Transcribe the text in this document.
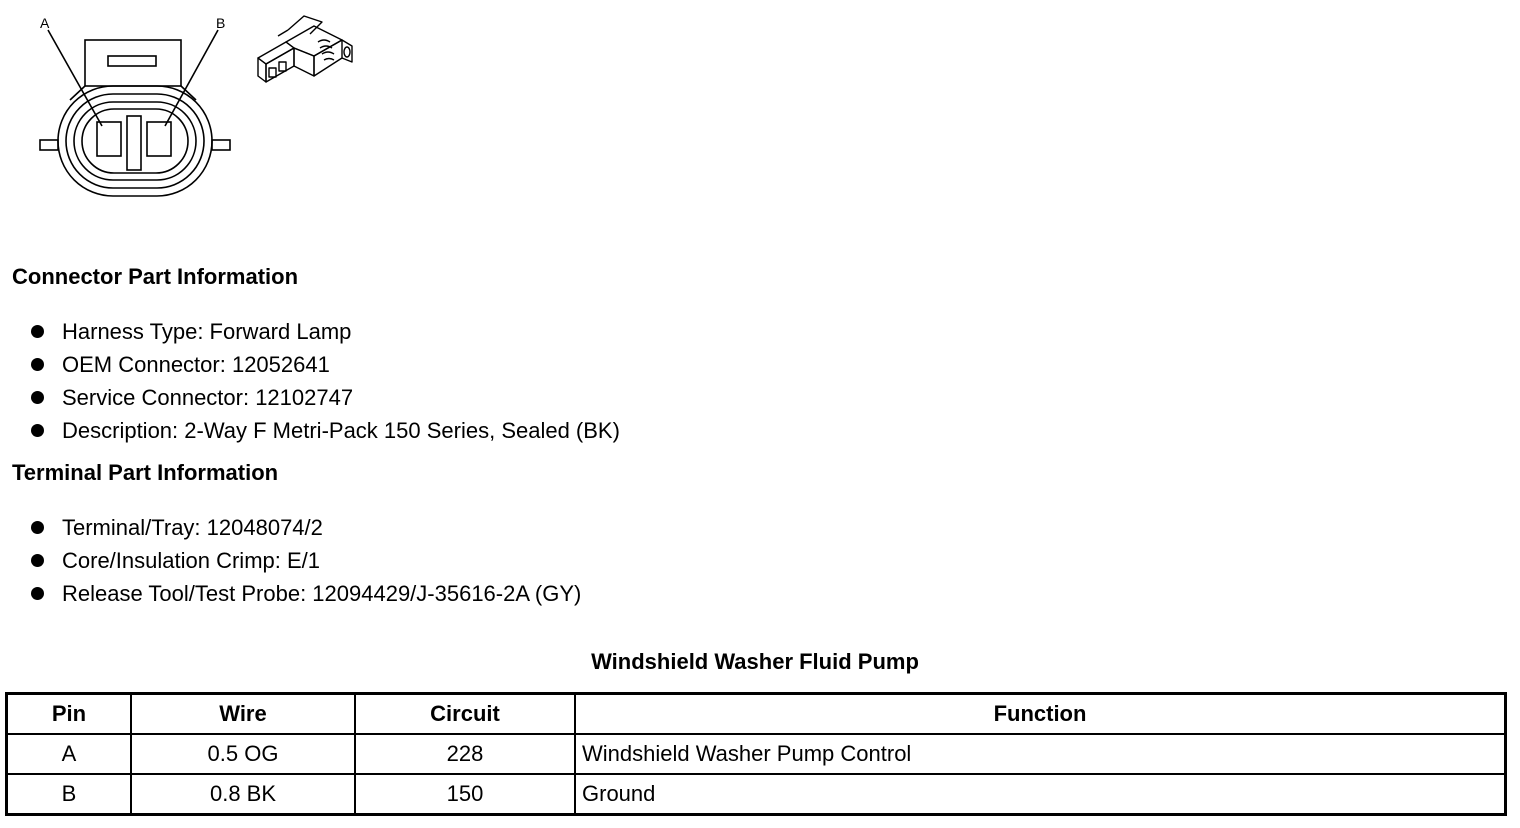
A	B
Connector Part Information
Harness Type: Forward Lamp
OEM Connector: 12052641
Service Connector: 12102747
Description: 2-Way F Metri-Pack 150 Series, Sealed (BK)
Terminal Part Information
Terminal/Tray: 12048074/2
Core/Insulation Crimp: E/1
Release Tool/Test Probe: 12094429/J-35616-2A (GY)
Windshield Washer Fluid Pump
Pin	Wire	Circuit	Function
A	0.5 OG	228	Windshield Washer Pump Control
B	0.8 BK	150	Ground
